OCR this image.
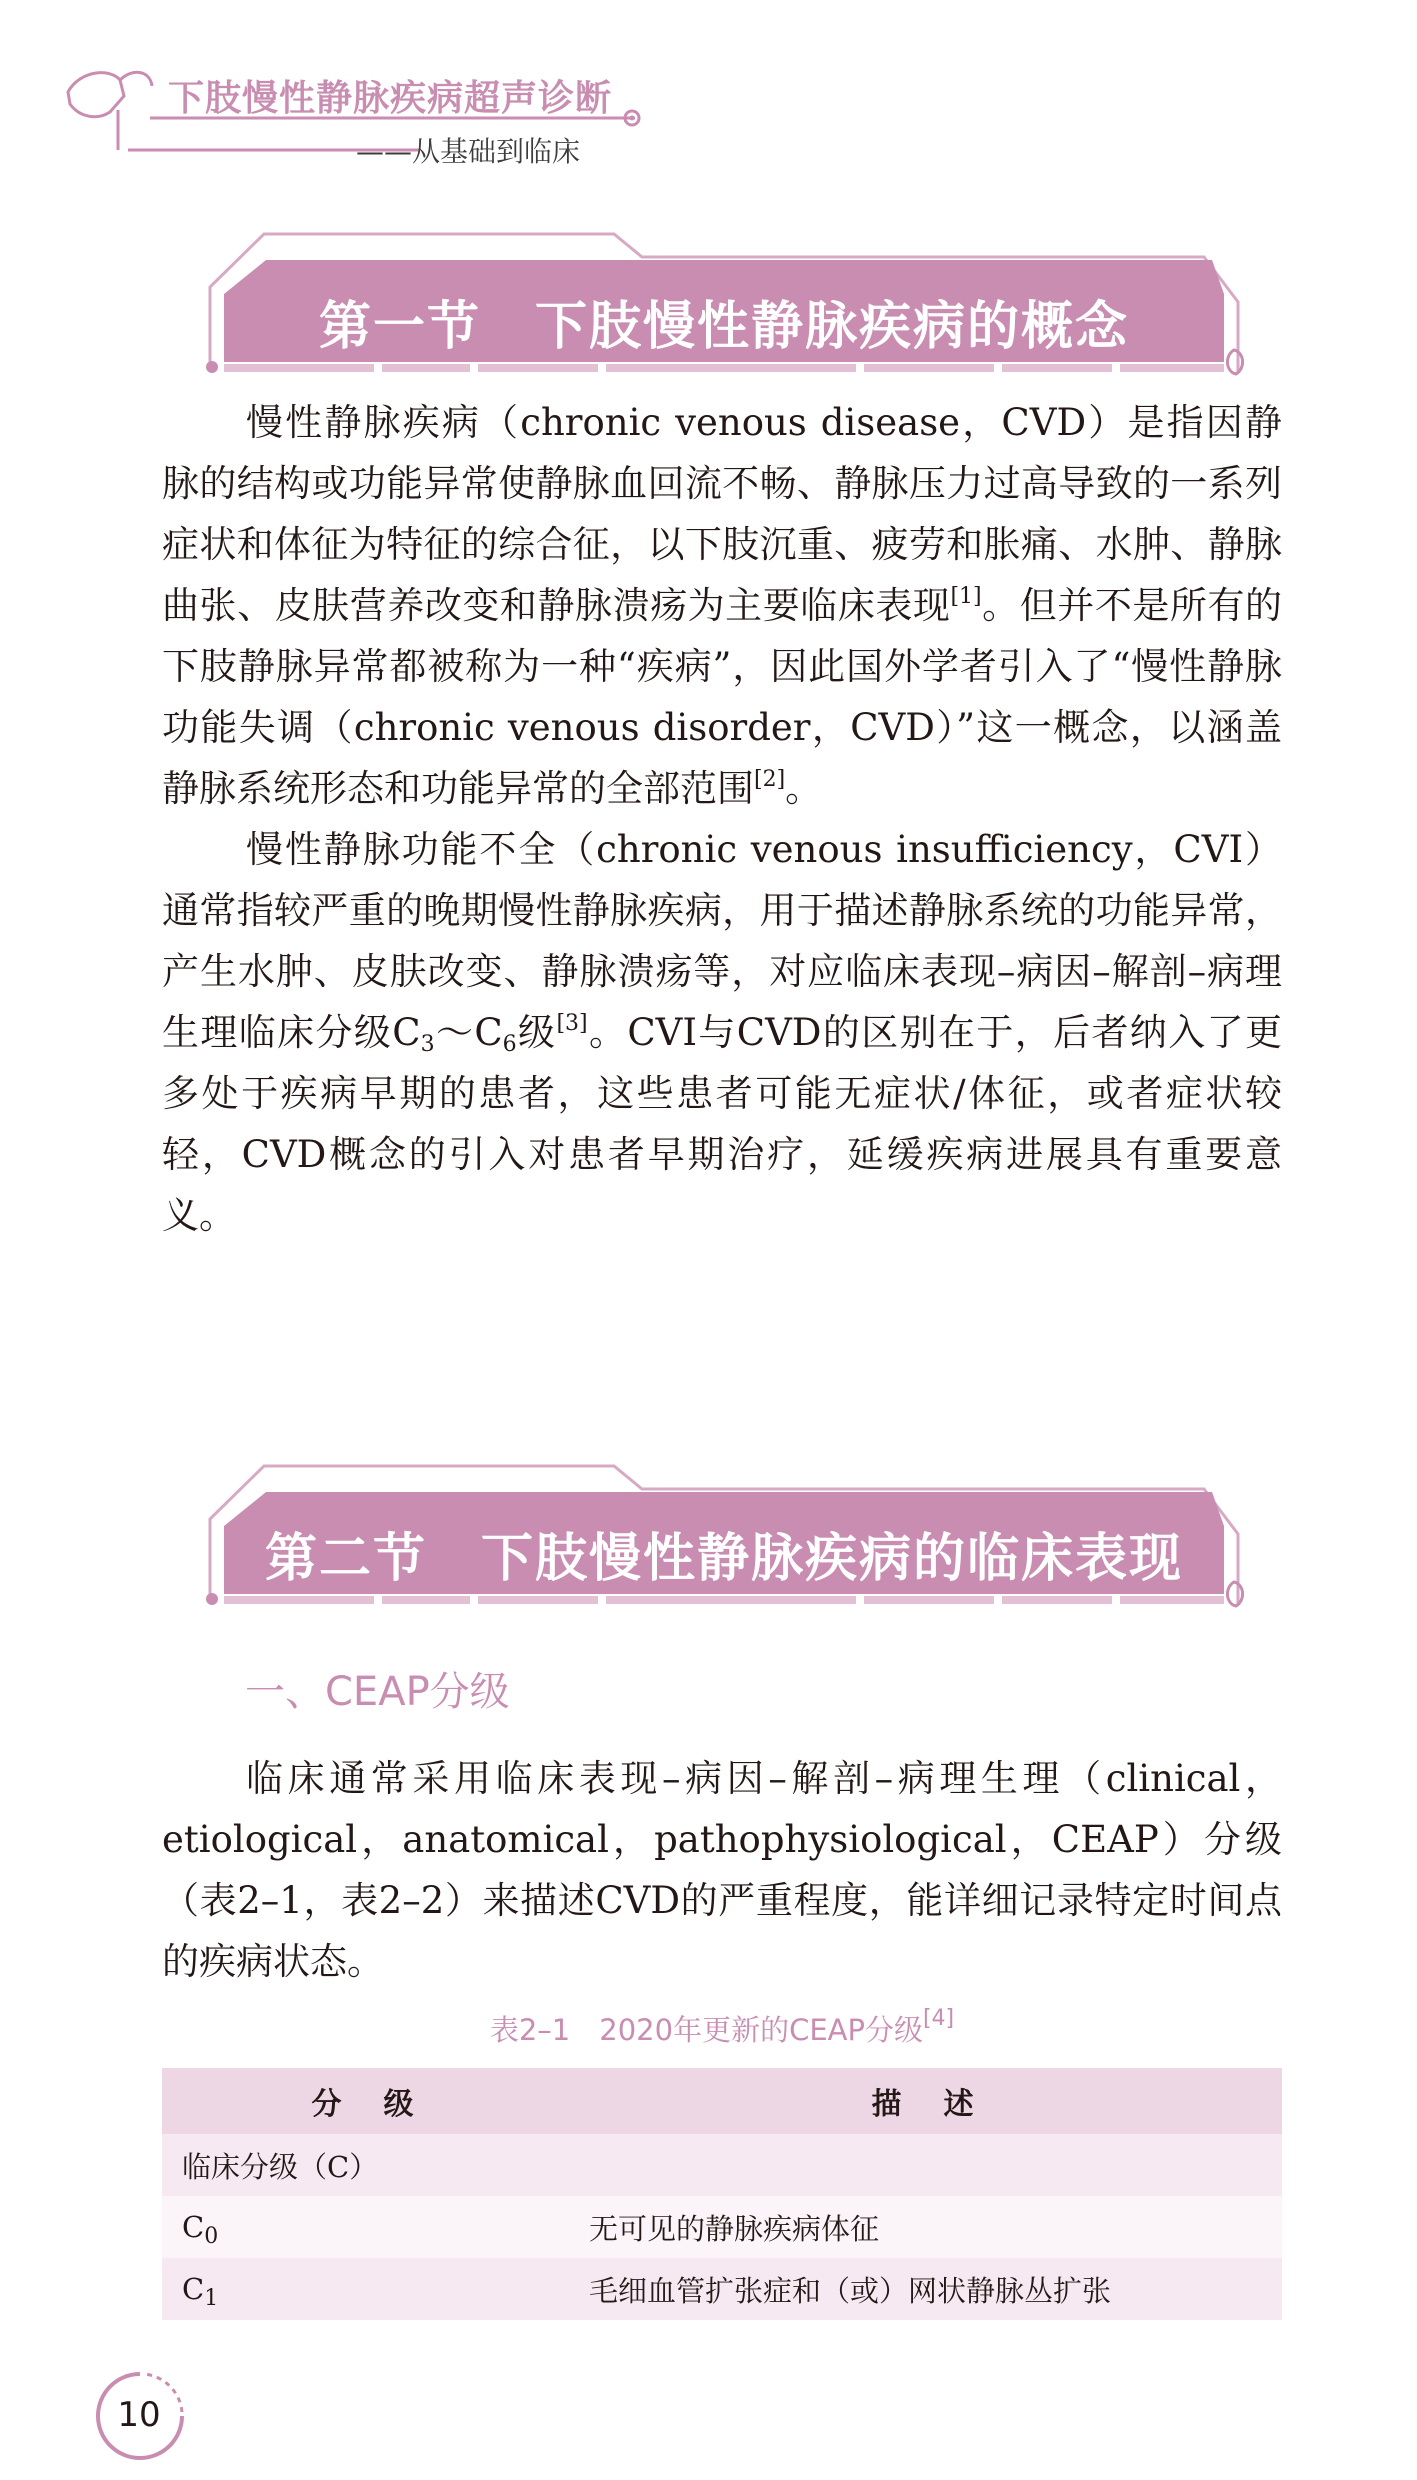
下肢慢性静脉疾病超声诊断
——从基础到临床
第一节　下肢慢性静脉疾病的概念

慢性静脉疾病（chronic venous disease，CVD）是指因静脉的结构或功能异常使静脉血回流不畅、静脉压力过高导致的一系列症状和体征为特征的综合征，以下肢沉重、疲劳和胀痛、水肿、静脉曲张、皮肤营养改变和静脉溃疡为主要临床表现[1]。但并不是所有的下肢静脉异常都被称为一种“疾病”，因此国外学者引入了“慢性静脉功能失调（chronic venous disorder，CVD）”这一概念，以涵盖静脉系统形态和功能异常的全部范围[2]。

慢性静脉功能不全（chronic venous insufficiency，CVI）通常指较严重的晚期慢性静脉疾病，用于描述静脉系统的功能异常，产生水肿、皮肤改变、静脉溃疡等，对应临床表现–病因–解剖–病理生理临床分级$C_3\sim C_6$级[3]。CVI与CVD的区别在于，后者纳入了更多处于疾病早期的患者，这些患者可能无症状/体征，或者症状较轻，CVD概念的引入对患者早期治疗，延缓疾病进展具有重要意义。

第二节　下肢慢性静脉疾病的临床表现
一、CEAP分级

临床通常采用临床表现–病因–解剖–病理生理（clinical，etiological，anatomical，pathophysiological，CEAP）分级（表2–1，表2–2）来描述CVD的严重程度，能详细记录特定时间点的疾病状态。

表2–1　2020年更新的CEAP分级[4]
分　级	描　述
临床分级（C）	
$C_0$	无可见的静脉疾病体征
$C_1$	毛细血管扩张症和（或）网状静脉丛扩张
10
